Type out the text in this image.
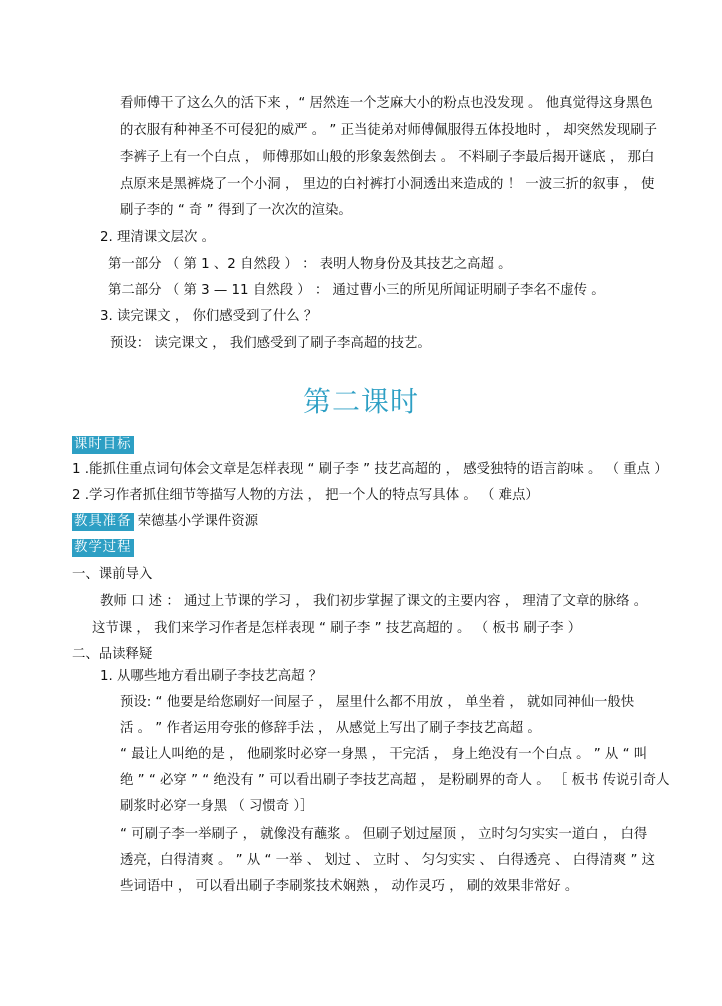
看师傅干了这么久的活下来 ，“ 居然连一个芝麻大小的粉点也没发现 。 他真觉得这身黑色
的衣服有种神圣不可侵犯的威严 。 ” 正当徒弟对师傅佩服得五体投地时 ， 却突然发现刷子
李裤子上有一个白点 ， 师傅那如山般的形象轰然倒去 。 不料刷子李最后揭开谜底 ， 那白
点原来是黑裤烧了一个小洞 ， 里边的白衬裤打小洞透出来造成的 ！ 一波三折的叙事 ， 使
刷子李的 “ 奇 ” 得到了一次次的渲染。
2. 理清课文层次 。
第一部分 （ 第 1 、2 自然段 ） ： 表明人物身份及其技艺之高超 。
第二部分 （ 第 3 — 11 自然段 ） ： 通过曹小三的所见所闻证明刷子李名不虚传 。
3. 读完课文 ， 你们感受到了什么 ？
预设： 读完课文 ， 我们感受到了刷子李高超的技艺。
第二课时
课时目标
1 .能抓住重点词句体会文章是怎样表现 “ 刷子李 ” 技艺高超的 ， 感受独特的语言韵味 。 （ 重点 ）
2 .学习作者抓住细节等描写人物的方法 ， 把一个人的特点写具体 。 （ 难点）
教具准备 荣德基小学课件资源
教学过程
一、课前导入
教师 口 述 ： 通过上节课的学习 ， 我们初步掌握了课文的主要内容 ， 理清了文章的脉络 。
这节课 ， 我们来学习作者是怎样表现 “ 刷子李 ” 技艺高超的 。 （ 板书 刷子李 ）
二、品读释疑
1. 从哪些地方看出刷子李技艺高超 ？
预设: “ 他要是给您刷好一间屋子 ， 屋里什么都不用放 ， 单坐着 ， 就如同神仙一般快
活 。 ” 作者运用夸张的修辞手法 ， 从感觉上写出了刷子李技艺高超 。
“ 最让人叫绝的是 ， 他刷浆时必穿一身黑 ， 干完活 ， 身上绝没有一个白点 。 ” 从 “ 叫
绝 ” “ 必穿 ” “ 绝没有 ” 可以看出刷子李技艺高超 ， 是粉刷界的奇人 。 ［ 板书 传说引奇人
刷浆时必穿一身黑 （ 习惯奇 ）］
“ 可刷子李一举刷子 ， 就像没有蘸浆 。 但刷子划过屋顶 ， 立时匀匀实实一道白 ， 白得
透亮，白得清爽 。 ” 从 “ 一举 、 划过 、 立时 、 匀匀实实 、 白得透亮 、 白得清爽 ” 这
些词语中 ， 可以看出刷子李刷浆技术娴熟 ， 动作灵巧 ， 刷的效果非常好 。
